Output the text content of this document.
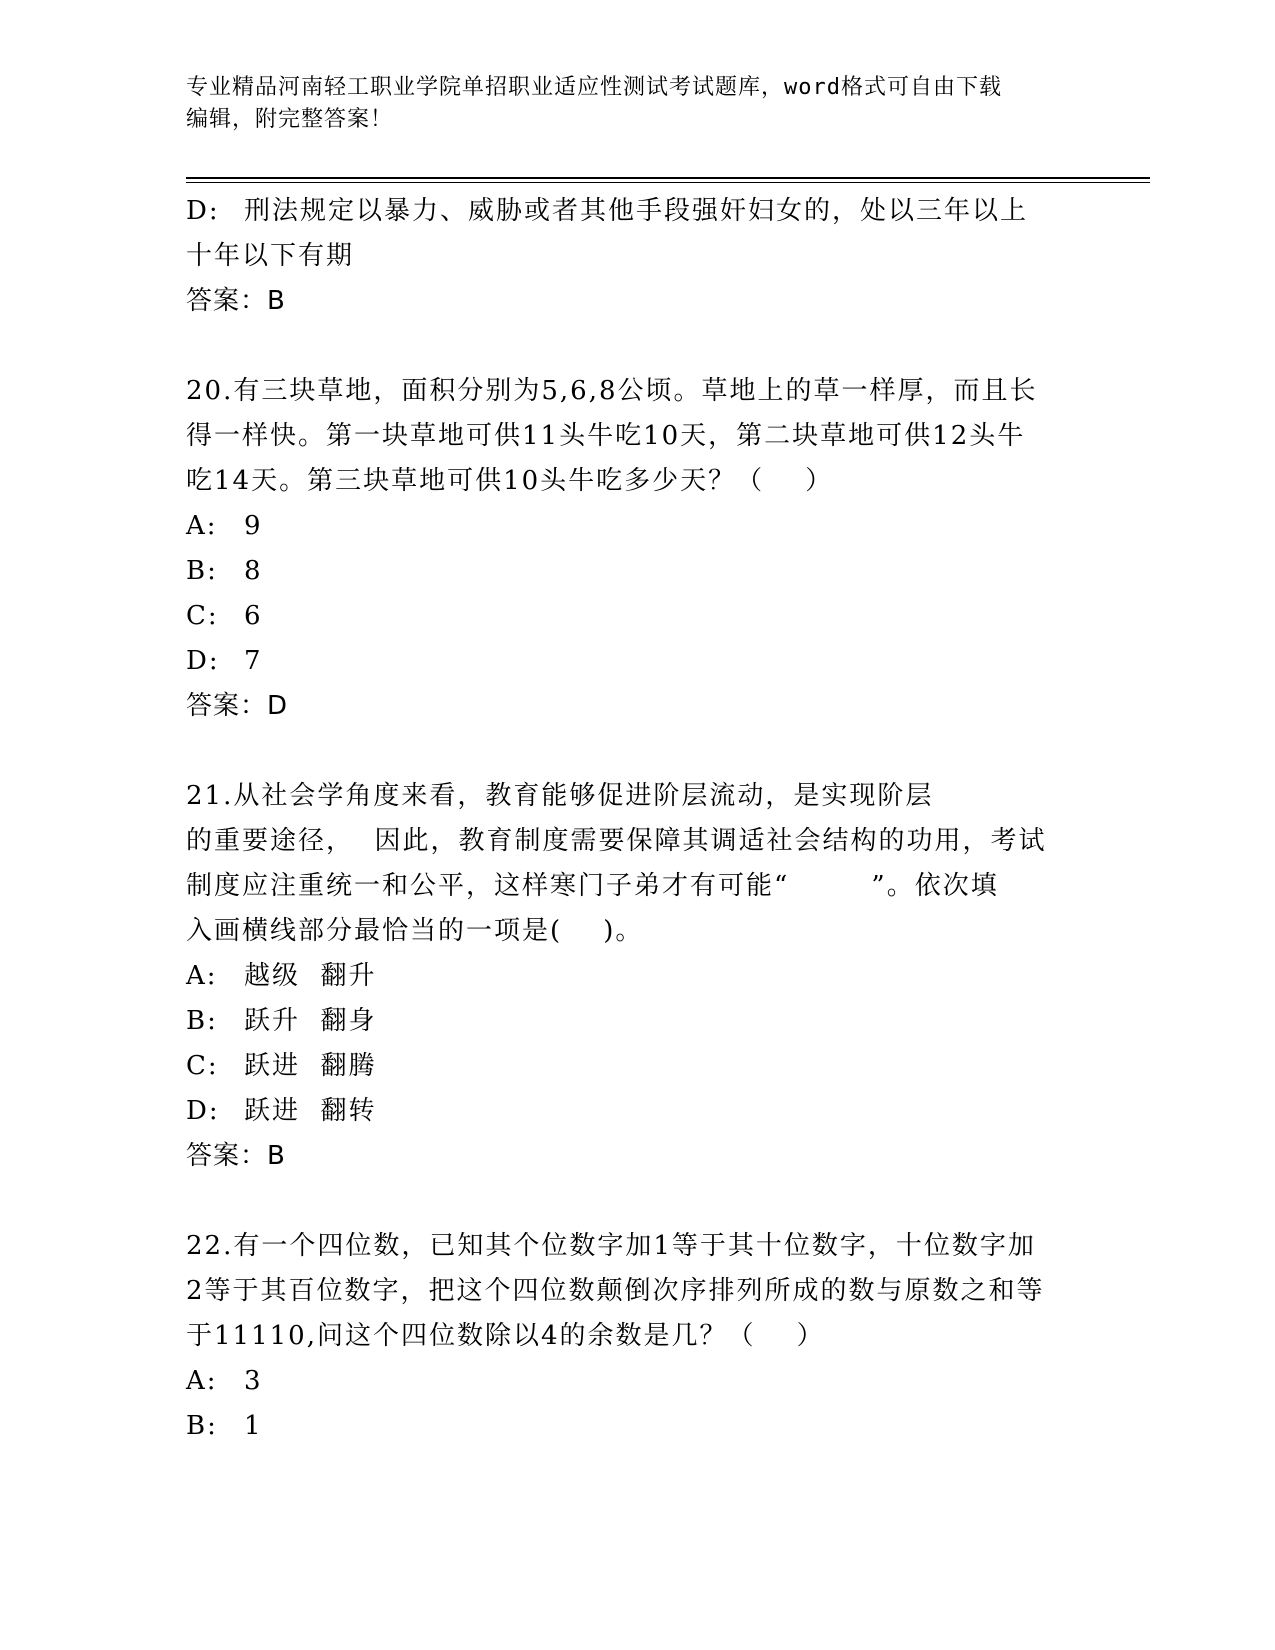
专业精品河南轻工职业学院单招职业适应性测试考试题库，word格式可自由下载
编辑，附完整答案！
D: 刑法规定以暴力、威胁或者其他手段强奸妇女的，处以三年以上
十年以下有期
答案：B
20.有三块草地，面积分别为5,6,8公顷。草地上的草一样厚，而且长
得一样快。第一块草地可供11头牛吃10天，第二块草地可供12头牛
吃14天。第三块草地可供10头牛吃多少天？（    ）
A: 9
B: 8
C: 6
D: 7
答案：D
21.从社会学角度来看，教育能够促进阶层流动，是实现阶层
的重要途径，  因此，教育制度需要保障其调适社会结构的功用，考试
制度应注重统一和公平，这样寒门子弟才有可能“        ”。依次填
入画横线部分最恰当的一项是(    )。
A: 越级  翻升
B: 跃升  翻身
C: 跃进  翻腾
D: 跃进  翻转
答案：B
22.有一个四位数，已知其个位数字加1等于其十位数字，十位数字加
2等于其百位数字，把这个四位数颠倒次序排列所成的数与原数之和等
于11110,问这个四位数除以4的余数是几？（    ）
A: 3
B: 1
